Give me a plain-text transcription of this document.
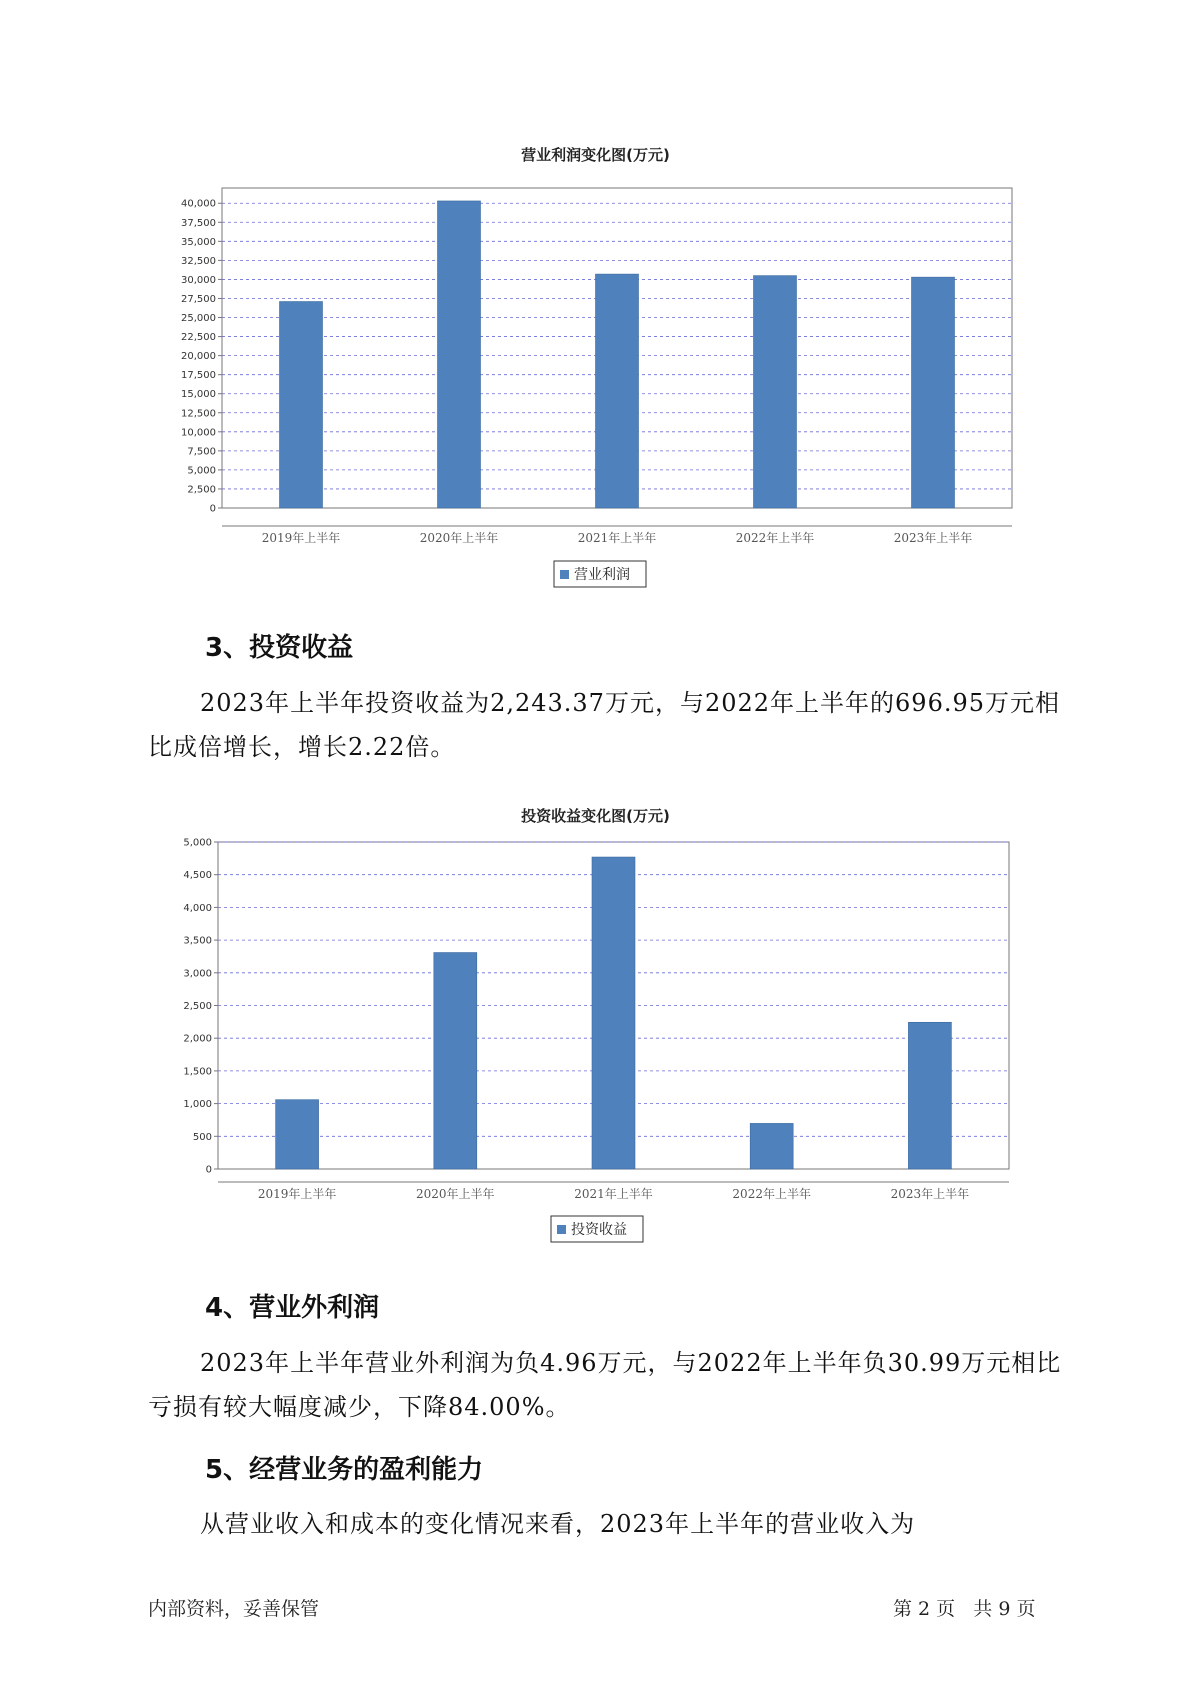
营业利润变化图(万元)
0
2,500
5,000
7,500
10,000
12,500
15,000
17,500
20,000
22,500
25,000
27,500
30,000
32,500
35,000
37,500
40,000
2019年上半年	2020年上半年	2021年上半年	2022年上半年	2023年上半年
营业利润
3、投资收益

2023年上半年投资收益为2,243.37万元，与2022年上半年的696.95万元相比成倍增长，增长2.22倍。

投资收益变化图(万元)
0
500
1,000
1,500
2,000
2,500
3,000
3,500
4,000
4,500
5,000
2019年上半年	2020年上半年	2021年上半年	2022年上半年	2023年上半年
投资收益
4、营业外利润

2023年上半年营业外利润为负4.96万元，与2022年上半年负30.99万元相比亏损有较大幅度减少，下降84.00%。

5、经营业务的盈利能力

从营业收入和成本的变化情况来看，2023年上半年的营业收入为

内部资料，妥善保管	第 2 页   共 9 页
